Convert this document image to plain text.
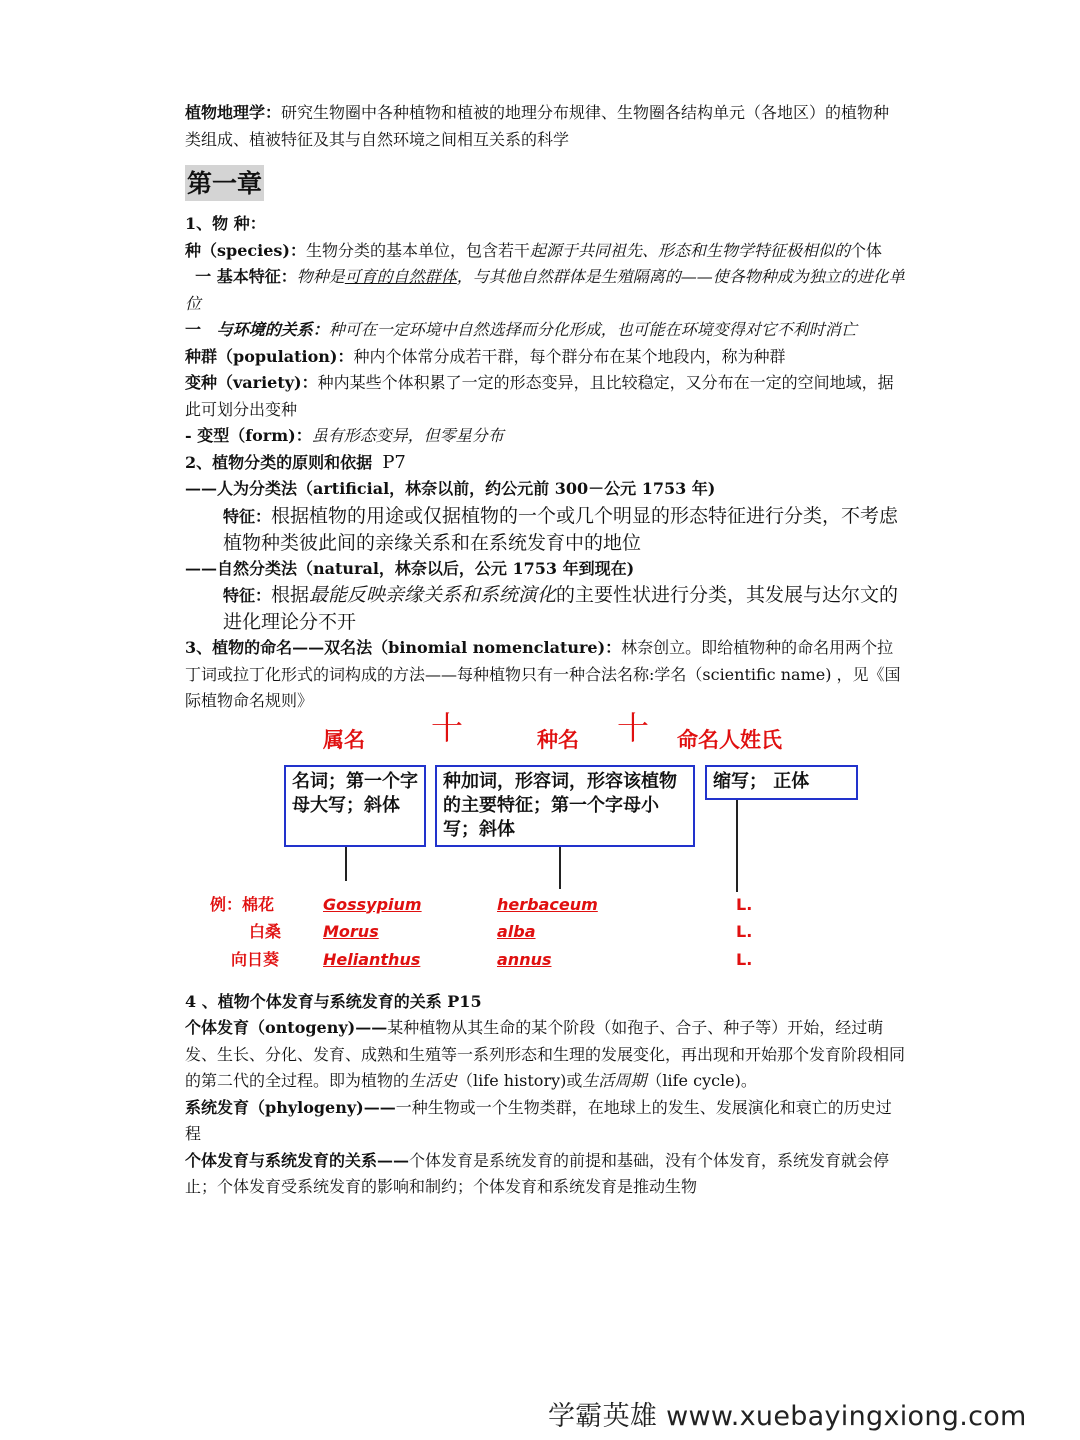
植物地理学：研究生物圈中各种植物和植被的地理分布规律、生物圈各结构单元（各地区）的植物种类组成、植被特征及其与自然环境之间相互关系的科学

第一章

1、物 种：

种（species)：生物分类的基本单位，包含若干起源于共同祖先、形态和生物学特征极相似的个体

一 基本特征：物种是可育的自然群体，与其他自然群体是生殖隔离的——使各物种成为独立的进化单位

一   与环境的关系：种可在一定环境中自然选择而分化形成，也可能在环境变得对它不利时消亡

种群（population)：种内个体常分成若干群，每个群分布在某个地段内，称为种群

变种（variety)：种内某些个体积累了一定的形态变异，且比较稳定，又分布在一定的空间地域，据此可划分出变种

- 变型（form)：虽有形态变异，但零星分布

2、植物分类的原则和依据 P7

——人为分类法（artificial，林奈以前，约公元前 300－公元 1753 年)

特征：根据植物的用途或仅据植物的一个或几个明显的形态特征进行分类，不考虑植物种类彼此间的亲缘关系和在系统发育中的地位

——自然分类法（natural，林奈以后，公元 1753 年到现在)

特征：根据最能反映亲缘关系和系统演化的主要性状进行分类，其发展与达尔文的进化理论分不开

3、植物的命名——双名法（binomial nomenclature)：林奈创立。即给植物种的命名用两个拉丁词或拉丁化形式的词构成的方法——每种植物只有一种合法名称:学名（scientific name) ，见《国际植物命名规则》

属名 十	种名 十 命名人姓氏
名词；第一个字母大写；斜体
种加词，形容词，形容该植物的主要特征；第一个字母小写；斜体
缩写； 正体
例：棉花
白桑
向日葵
Gossypium
Morus
Helianthus
herbaceum
alba
annus
L.
L.
L.

4 、植物个体发育与系统发育的关系 P15

个体发育（ontogeny)——某种植物从其生命的某个阶段（如孢子、合子、种子等）开始，经过萌发、生长、分化、发育、成熟和生殖等一系列形态和生理的发展变化，再出现和开始那个发育阶段相同的第二代的全过程。即为植物的生活史（life history)或生活周期（life cycle)。

系统发育（phylogeny)——一种生物或一个生物类群，在地球上的发生、发展演化和衰亡的历史过程

个体发育与系统发育的关系——个体发育是系统发育的前提和基础，没有个体发育，系统发育就会停止；个体发育受系统发育的影响和制约；个体发育和系统发育是推动生物

学霸英雄 www.xuebayingxiong.com
